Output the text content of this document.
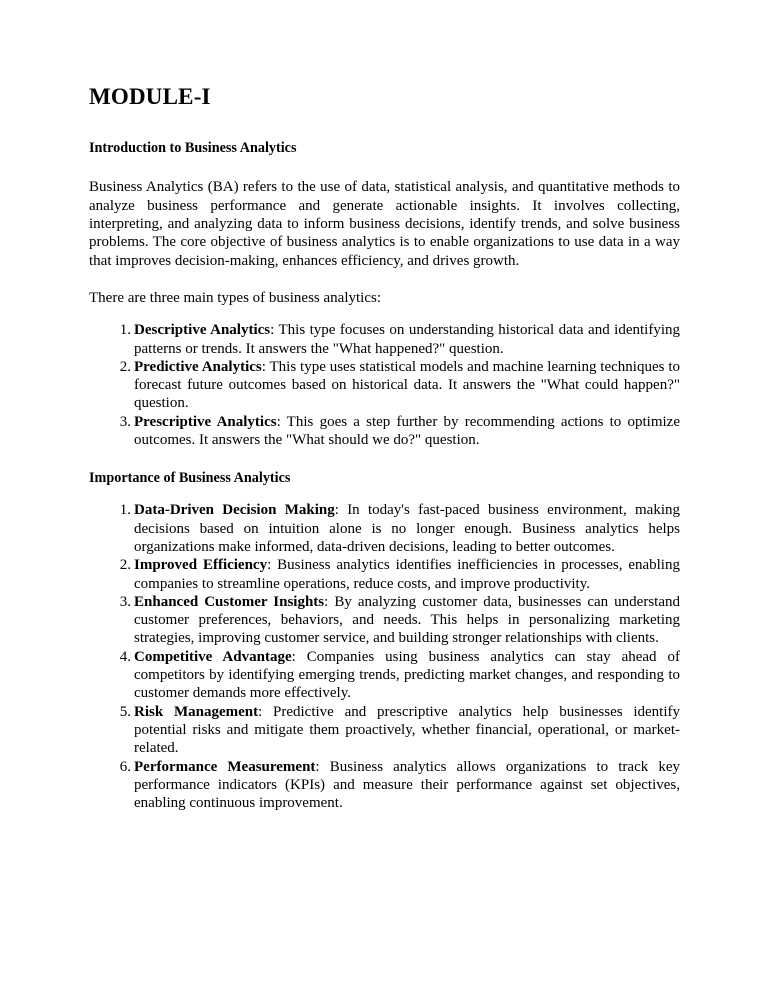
MODULE-I
Introduction to Business Analytics

Business Analytics (BA) refers to the use of data, statistical analysis, and quantitative methods to analyze business performance and generate actionable insights. It involves collecting, interpreting, and analyzing data to inform business decisions, identify trends, and solve business problems. The core objective of business analytics is to enable organizations to use data in a way that improves decision-making, enhances efficiency, and drives growth.

There are three main types of business analytics:

Descriptive Analytics: This type focuses on understanding historical data and identifying patterns or trends. It answers the "What happened?" question.
Predictive Analytics: This type uses statistical models and machine learning techniques to forecast future outcomes based on historical data. It answers the "What could happen?" question.
Prescriptive Analytics: This goes a step further by recommending actions to optimize outcomes. It answers the "What should we do?" question.
Importance of Business Analytics
Data-Driven Decision Making: In today's fast-paced business environment, making decisions based on intuition alone is no longer enough. Business analytics helps organizations make informed, data-driven decisions, leading to better outcomes.
Improved Efficiency: Business analytics identifies inefficiencies in processes, enabling companies to streamline operations, reduce costs, and improve productivity.
Enhanced Customer Insights: By analyzing customer data, businesses can understand customer preferences, behaviors, and needs. This helps in personalizing marketing strategies, improving customer service, and building stronger relationships with clients.
Competitive Advantage: Companies using business analytics can stay ahead of competitors by identifying emerging trends, predicting market changes, and responding to customer demands more effectively.
Risk Management: Predictive and prescriptive analytics help businesses identify potential risks and mitigate them proactively, whether financial, operational, or market-related.
Performance Measurement: Business analytics allows organizations to track key performance indicators (KPIs) and measure their performance against set objectives, enabling continuous improvement.
